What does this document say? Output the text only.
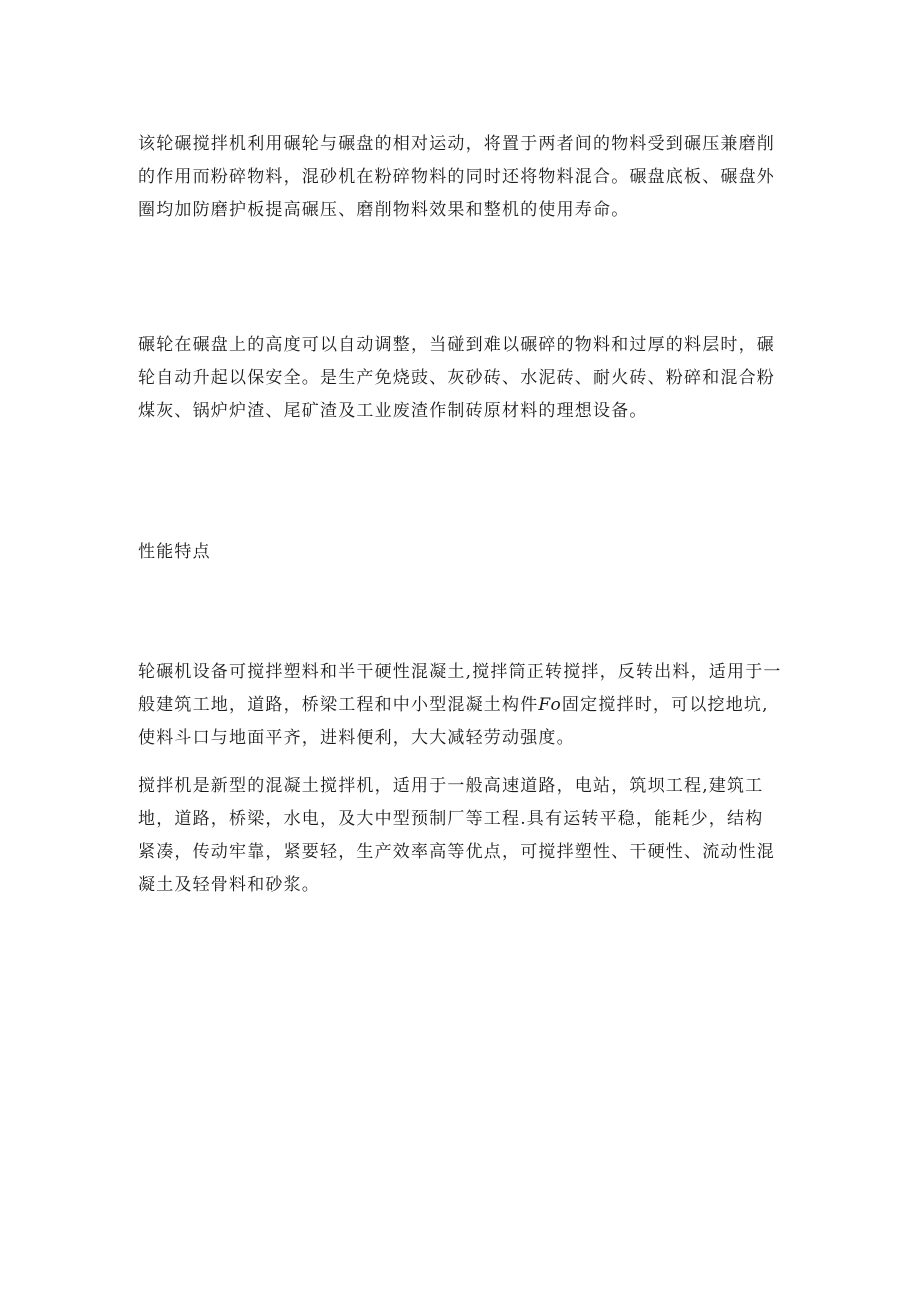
该轮碾搅拌机利用碾轮与碾盘的相对运动，将置于两者间的物料受到碾压兼磨削
的作用而粉碎物料，混砂机在粉碎物料的同时还将物料混合。碾盘底板、碾盘外
圈均加防磨护板提高碾压、磨削物料效果和整机的使用寿命。

碾轮在碾盘上的高度可以自动调整，当碰到难以碾碎的物料和过厚的料层时，碾
轮自动升起以保安全。是生产免烧豉、灰砂砖、水泥砖、耐火砖、粉碎和混合粉
煤灰、锅炉炉渣、尾矿渣及工业废渣作制砖原材料的理想设备。

性能特点

轮碾机设备可搅拌塑料和半干硬性混凝土,搅拌筒正转搅拌，反转出料，适用于一
般建筑工地，道路，桥梁工程和中小型混凝土构件Fo固定搅拌时，可以挖地坑,
使料斗口与地面平齐，进料便利，大大减轻劳动强度。

搅拌机是新型的混凝土搅拌机，适用于一般高速道路，电站，筑坝工程,建筑工
地，道路，桥梁，水电，及大中型预制厂等工程.具有运转平稳，能耗少，结构
紧凑，传动牢靠，紧要轻，生产效率高等优点，可搅拌塑性、干硬性、流动性混
凝土及轻骨料和砂浆。
